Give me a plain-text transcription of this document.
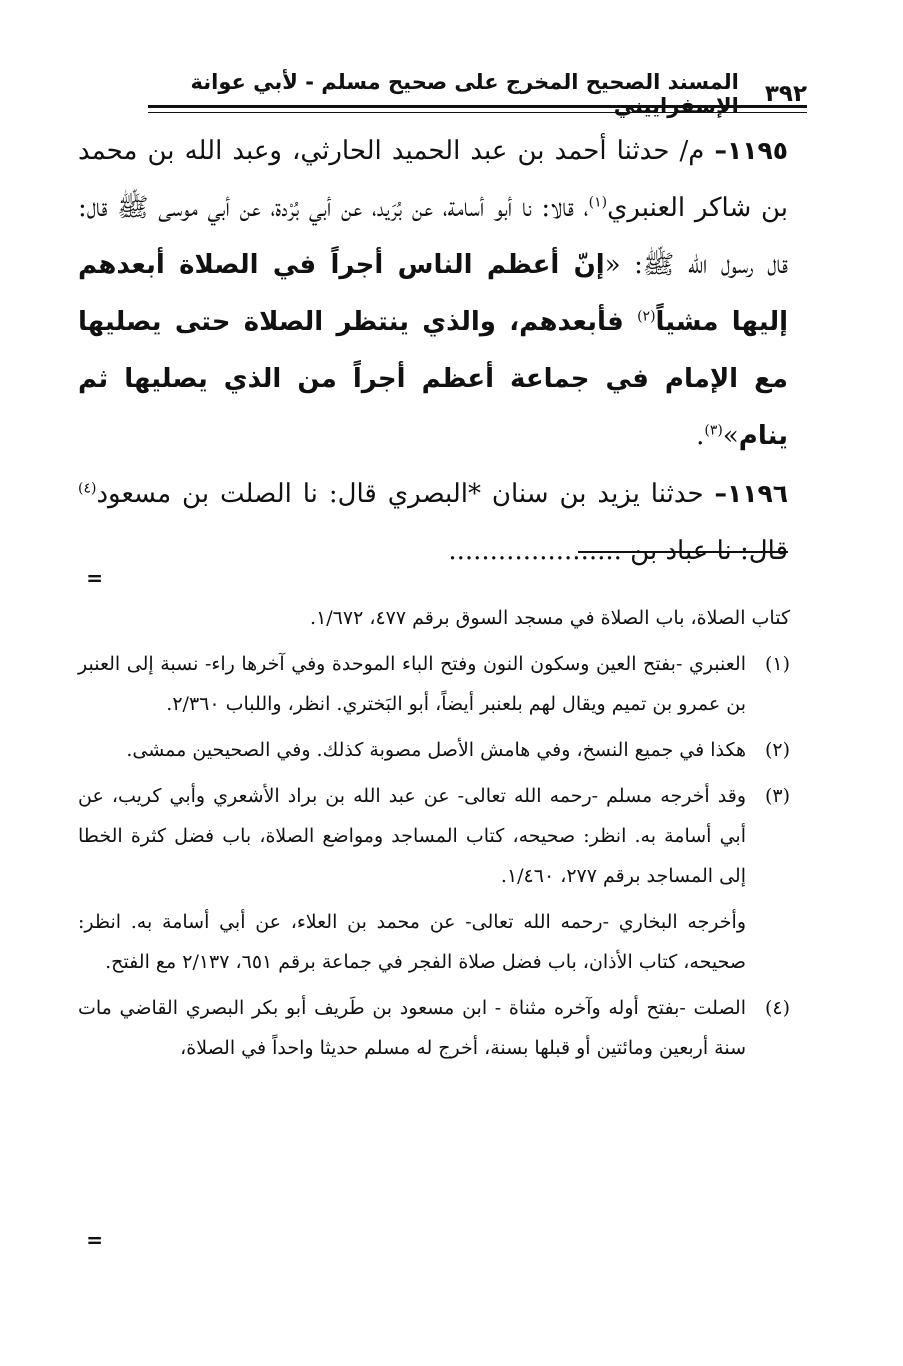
٣٩٢
المسند الصحيح المخرج على صحيح مسلم - لأبي عوانة الإسفراييني

١١٩٥– م/ حدثنا أحمد بن عبد الحميد الحارثي، وعبد الله بن محمد بن شاكر العنبري$^{(١)}$، قالا: نا أبو أسامة، عن بُرَيد، عن أبي بُرْدة، عن أبي موسى ﷺ قال: قال رسول الله ﷺ: «إنّ أعظم الناس أجراً في الصلاة أبعدهم إليها مشياً$^{(٢)}$ فأبعدهم، والذي ينتظر الصلاة حتى يصليها مع الإمام في جماعة أعظم أجراً من الذي يصليها ثم ينام»$^{(٣)}$.

١١٩٦– حدثنا يزيد بن سنان *البصري قال: نا الصلت بن مسعود$^{(٤)}$ قال: نا عباد بن .....................

=

كتاب الصلاة، باب الصلاة في مسجد السوق برقم ٤٧٧، ١/٦٧٢.

(١)

العنبري -بفتح العين وسكون النون وفتح الباء الموحدة وفي آخرها راء- نسبة إلى العنبر بن عمرو بن تميم ويقال لهم بلعنبر أيضاً، أبو البَختري. انظر، واللباب ٢/٣٦٠.

(٢)

هكذا في جميع النسخ، وفي هامش الأصل مصوبة كذلك. وفي الصحيحين ممشى.

(٣)

وقد أخرجه مسلم -رحمه الله تعالى- عن عبد الله بن براد الأشعري وأبي كريب، عن أبي أسامة به. انظر: صحيحه، كتاب المساجد ومواضع الصلاة، باب فضل كثرة الخطا إلى المساجد برقم ٢٧٧، ١/٤٦٠.

وأخرجه البخاري -رحمه الله تعالى- عن محمد بن العلاء، عن أبي أسامة به. انظر: صحيحه، كتاب الأذان، باب فضل صلاة الفجر في جماعة برقم ٦٥١، ٢/١٣٧ مع الفتح.

(٤)

الصلت -بفتح أوله وآخره مثناة - ابن مسعود بن طَريف أبو بكر البصري القاضي مات سنة أربعين ومائتين أو قبلها بسنة، أخرج له مسلم حديثا واحداً في الصلاة،

=
